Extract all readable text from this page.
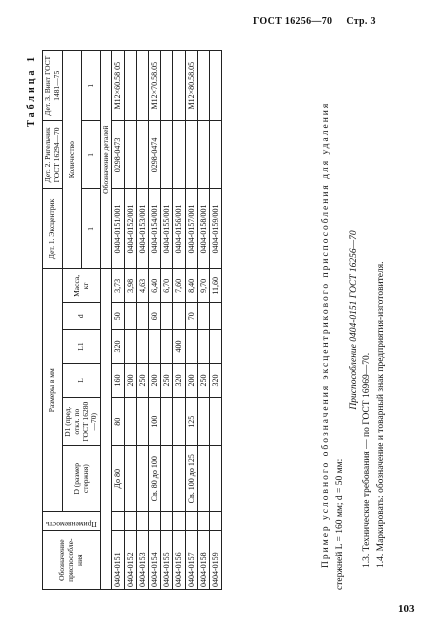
ГОСТ 16256—70 Стр. 3
Таблица 1
Обозначение приспособле-ния	Применяемость	Размеры в мм						Дет. 1. Эксцентрик	Дет. 2. Ригельчик ГОСТ 16294—70	Дет. 3. Винт ГОСТ 1481—75
		D (размер стержня)	D1 (пред. откл. по ГОСТ 16280—70)	L	L1	d	Масса, кг	Количество		
								1	1	1
								Обозначение деталей		
0404-0151		До 80	80	160	320	50	3,73	0404-0151/001	0298-0473	M12×60.58 05
0404-0152				200			3,98	0404-0152/001		
0404-0153				250			4,63	0404-0153/001		
0404-0154		Св. 80 до 100	100	200		60	6,40	0404-0154/001	0298-0474	M12×70.58.05
0404-0155				250			6,70	0404-0155/001		
0404-0156				320	400		7,60	0404-0156/001		
0404-0157		Св. 100 до 125	125	200		70	8,40	0404-0157/001		M12×80.58.05
0404-0158				250			9,70	0404-0158/001		
0404-0159				320			11,60	0404-0159/001			Пример условного обозначения эксцентрикового приспособления для удаления стержней L = 160 мм; d = 50 мм:

Приспособление 0404-0151 ГОСТ 16256—70

1.3. Технические требования — по ГОСТ 16969—70. 1.4. Маркировать: обозначение и товарный знак предприятия-изготовителя.

103
